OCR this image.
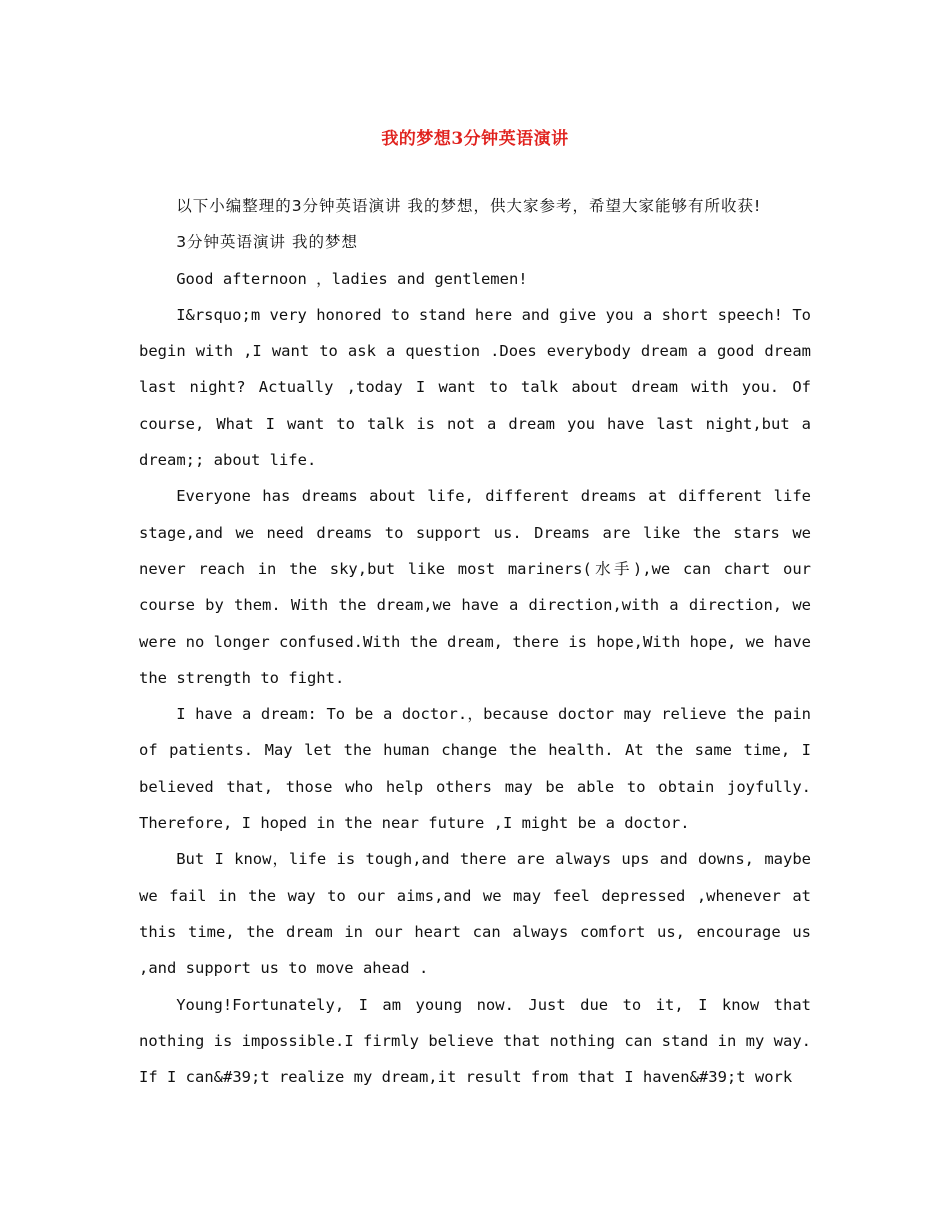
我的梦想3分钟英语演讲

以下小编整理的3分钟英语演讲 我的梦想，供大家参考，希望大家能够有所收获!

3分钟英语演讲 我的梦想

Good afternoon ，ladies and gentlemen!

I&rsquo;m very honored to stand here and give you a short speech! To begin with ,I want to ask a question .Does everybody dream a good dream last night? Actually ,today I want to talk about dream with you. Of course, What I want to talk is not a dream you have last night,but a dream;; about life.

Everyone has dreams about life, different dreams at different life stage,and we need dreams to support us. Dreams are like the stars we never reach in the sky,but like most mariners(水手),we can chart our course by them. With the dream,we have a direction,with a direction, we were no longer confused.With the dream, there is hope,With hope, we have the strength to fight.

I have a dream: To be a doctor.，because doctor may relieve the pain of patients. May let the human change the health. At the same time, I believed that, those who help others may be able to obtain joyfully. Therefore, I hoped in the near future ,I might be a doctor.

But I know，life is tough,and there are always ups and downs, maybe we fail in the way to our aims,and we may feel depressed ,whenever at this time, the dream in our heart can always comfort us, encourage us ,and support us to move ahead .

Young!Fortunately, I am young now. Just due to it, I know that nothing is impossible.I firmly believe that nothing can stand in my way. If I can&#39;t realize my dream,it result from that I haven&#39;t work
